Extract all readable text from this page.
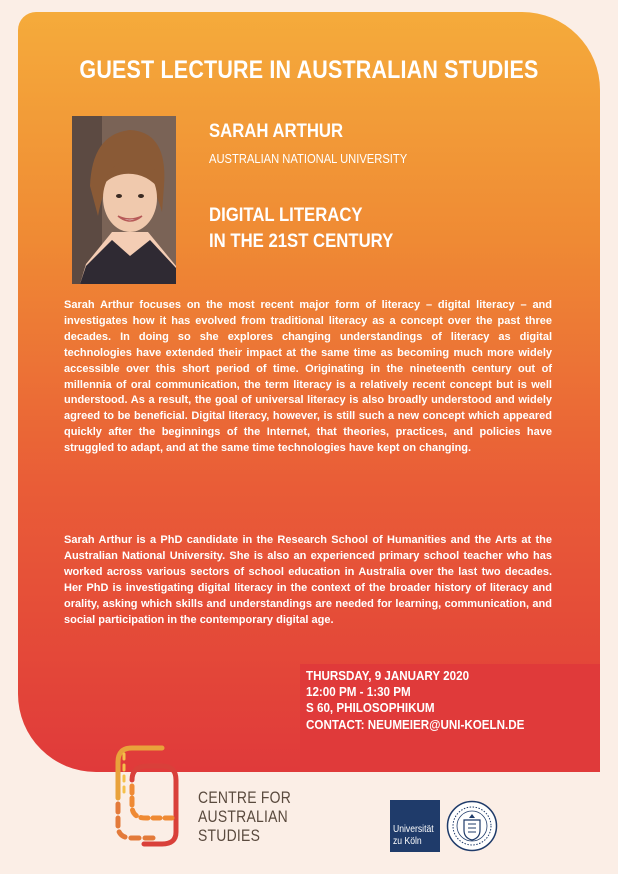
GUEST LECTURE IN AUSTRALIAN STUDIES
SARAH ARTHUR
AUSTRALIAN NATIONAL UNIVERSITY
DIGITAL LITERACY
IN THE 21ST CENTURY

Sarah Arthur focuses on the most recent major form of literacy – digital literacy – and investigates how it has evolved from traditional literacy as a concept over the past three decades. In doing so she explores changing understandings of literacy as digital technologies have extended their impact at the same time as becoming much more widely accessible over this short period of time. Originating in the nineteenth century out of millennia of oral communication, the term literacy is a relatively recent concept but is well understood. As a result, the goal of universal literacy is also broadly understood and widely agreed to be beneficial. Digital literacy, however, is still such a new concept which appeared quickly after the beginnings of the Internet, that theories, practices, and policies have struggled to adapt, and at the same time technologies have kept on changing.

Sarah Arthur is a PhD candidate in the Research School of Humanities and the Arts at the Australian National University. She is also an experienced primary school teacher who has worked across various sectors of school education in Australia over the last two decades. Her PhD is investigating digital literacy in the context of the broader history of literacy and orality, asking which skills and understandings are needed for learning, communication, and social participation in the contemporary digital age.

THURSDAY, 9 JANUARY 2020
12:00 PM - 1:30 PM
S 60, PHILOSOPHIKUM
CONTACT: NEUMEIER@UNI-KOELN.DE
CENTRE FOR
AUSTRALIAN
STUDIES	Universität
zu Köln
